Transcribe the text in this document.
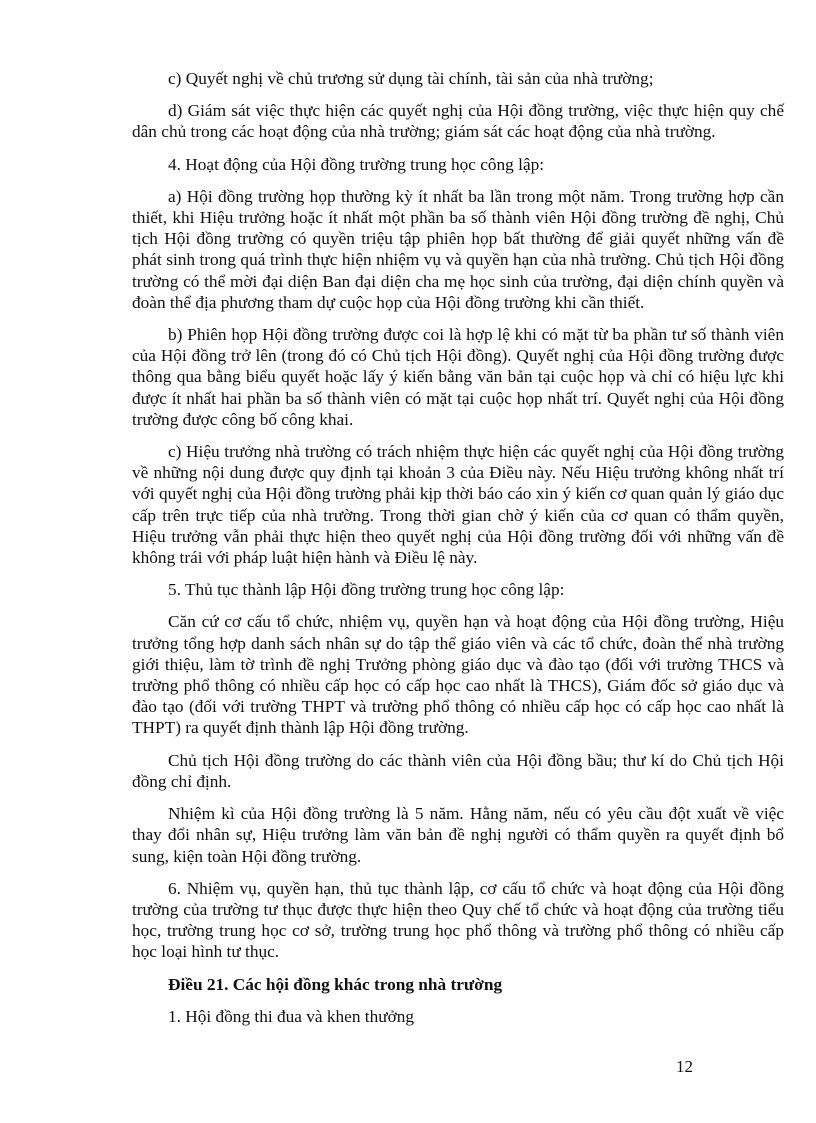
c) Quyết nghị về chủ trương sử dụng tài chính, tài sản của nhà trường;

d) Giám sát việc thực hiện các quyết nghị của Hội đồng trường, việc thực hiện quy chế dân chủ trong các hoạt động của nhà trường; giám sát các hoạt động của nhà trường.

4. Hoạt động của Hội đồng trường trung học công lập:

a) Hội đồng trường họp thường kỳ ít nhất ba lần trong một năm. Trong trường hợp cần thiết, khi Hiệu trưởng hoặc ít nhất một phần ba số thành viên Hội đồng trường đề nghị, Chủ tịch Hội đồng trường có quyền triệu tập phiên họp bất thường để giải quyết những vấn đề phát sinh trong quá trình thực hiện nhiệm vụ và quyền hạn của nhà trường. Chủ tịch Hội đồng trường có thể mời đại diện Ban đại diện cha mẹ học sinh của trường, đại diện chính quyền và đoàn thể địa phương tham dự cuộc họp của Hội đồng trường khi cần thiết.

b) Phiên họp Hội đồng trường được coi là hợp lệ khi có mặt từ ba phần tư số thành viên của Hội đồng trở lên (trong đó có Chủ tịch Hội đồng). Quyết nghị của Hội đồng trường được thông qua bằng biểu quyết hoặc lấy ý kiến bằng văn bản tại cuộc họp và chỉ có hiệu lực khi được ít nhất hai phần ba số thành viên có mặt tại cuộc họp nhất trí. Quyết nghị của Hội đồng trường được công bố công khai.

c) Hiệu trưởng nhà trường có trách nhiệm thực hiện các quyết nghị của Hội đồng trường về những nội dung được quy định tại khoản 3 của Điều này. Nếu Hiệu trưởng không nhất trí với quyết nghị của Hội đồng trường phải kịp thời báo cáo xin ý kiến cơ quan quản lý giáo dục cấp trên trực tiếp của nhà trường. Trong thời gian chờ ý kiến của cơ quan có thẩm quyền, Hiệu trưởng vẫn phải thực hiện theo quyết nghị của Hội đồng trường đối với những vấn đề không trái với pháp luật hiện hành và Điều lệ này.

5. Thủ tục thành lập Hội đồng trường trung học công lập:

Căn cứ cơ cấu tổ chức, nhiệm vụ, quyền hạn và hoạt động của Hội đồng trường, Hiệu trưởng tổng hợp danh sách nhân sự do tập thể giáo viên và các tổ chức, đoàn thể nhà trường giới thiệu, làm tờ trình đề nghị Trưởng phòng giáo dục và đào tạo (đối với trường THCS và trường phổ thông có nhiều cấp học có cấp học cao nhất là THCS), Giám đốc sở giáo dục và đào tạo (đối với trường THPT và trường phổ thông có nhiều cấp học có cấp học cao nhất là THPT) ra quyết định thành lập Hội đồng trường.

Chủ tịch Hội đồng trường do các thành viên của Hội đồng bầu; thư kí do Chủ tịch Hội đồng chỉ định.

Nhiệm kì của Hội đồng trường là 5 năm. Hằng năm, nếu có yêu cầu đột xuất về việc thay đổi nhân sự, Hiệu trưởng làm văn bản đề nghị người có thẩm quyền ra quyết định bổ sung, kiện toàn Hội đồng trường.

6. Nhiệm vụ, quyền hạn, thủ tục thành lập, cơ cấu tổ chức và hoạt động của Hội đồng trường của trường tư thục được thực hiện theo Quy chế tổ chức và hoạt động của trường tiểu học, trường trung học cơ sở, trường trung học phổ thông và trường phổ thông có nhiều cấp học loại hình tư thục.

Điều 21. Các hội đồng khác trong nhà trường

1. Hội đồng thi đua và khen thưởng

12
